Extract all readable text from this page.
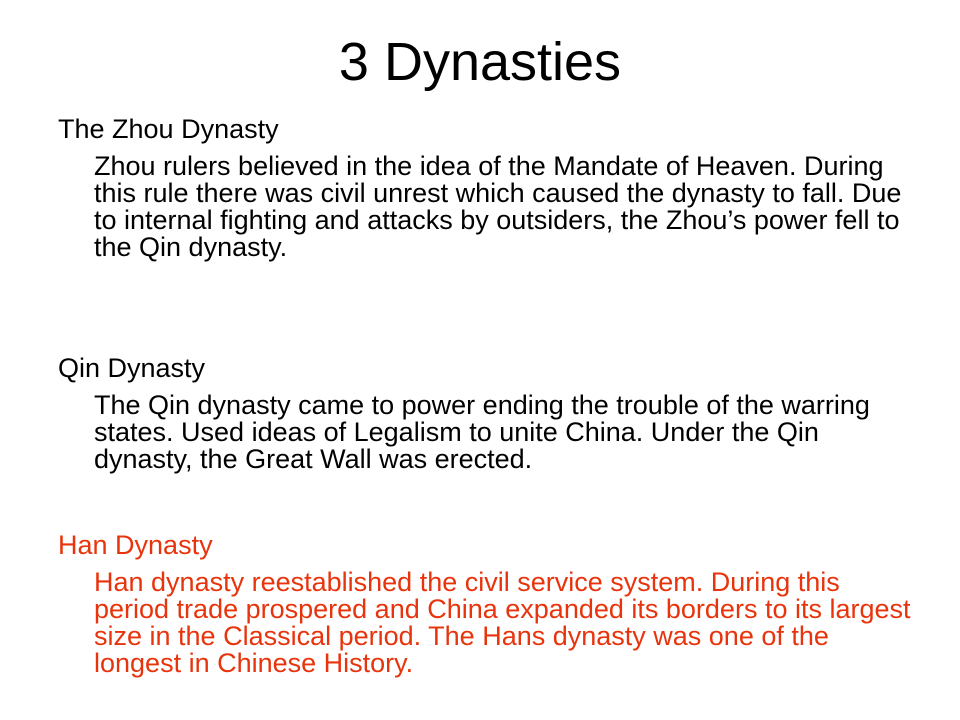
3 Dynasties

The Zhou Dynasty

Zhou rulers believed in the idea of the Mandate of Heaven. During this rule there was civil unrest which caused the dynasty to fall. Due to internal fighting and attacks by outsiders, the Zhou’s power fell to the Qin dynasty.

Qin Dynasty

The Qin dynasty came to power ending the trouble of the warring states. Used ideas of Legalism to unite China. Under the Qin dynasty, the Great Wall was erected.

Han Dynasty

Han dynasty reestablished the civil service system. During this period trade prospered and China expanded its borders to its largest size in the Classical period. The Hans dynasty was one of the longest in Chinese History.
